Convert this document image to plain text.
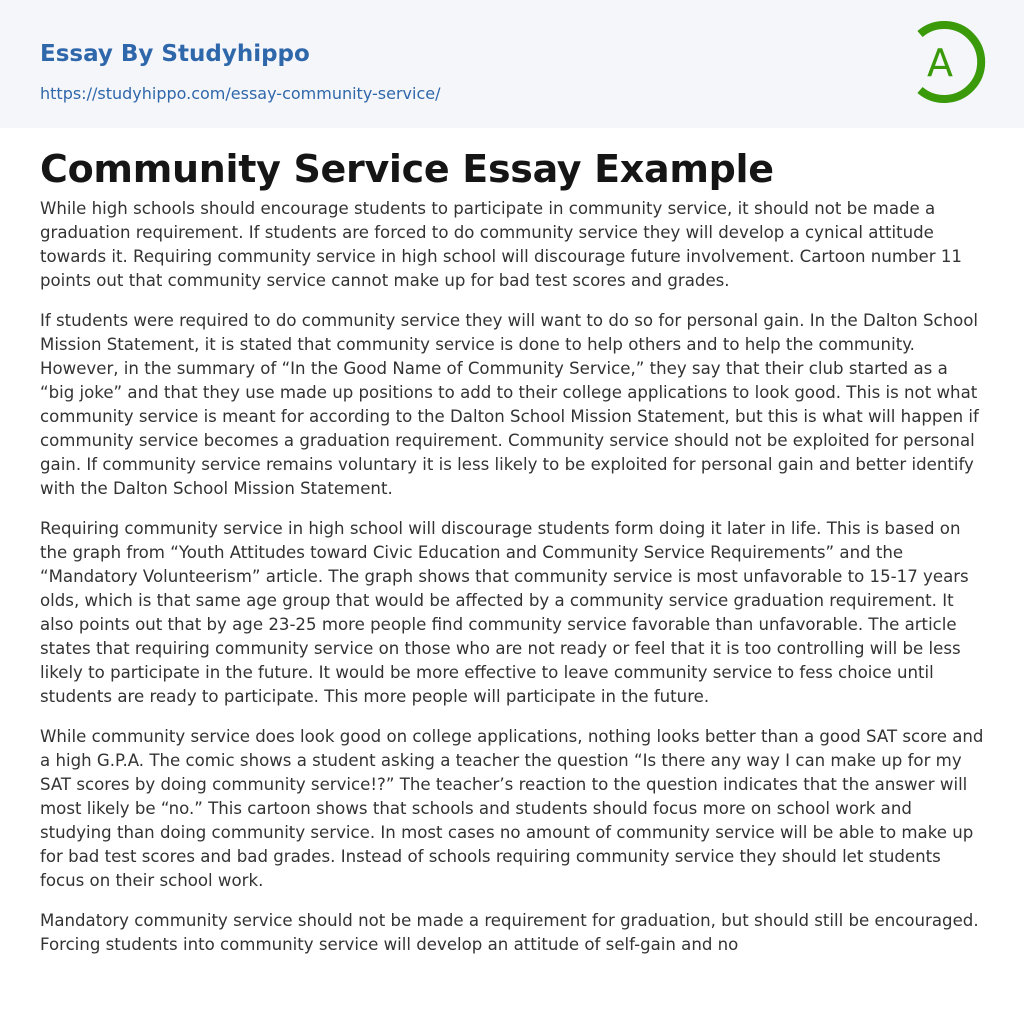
Essay By Studyhippo
https://studyhippo.com/essay-community-service/
A
Community Service Essay Example

While high schools should encourage students to participate in community service, it should not be made a graduation requirement. If students are forced to do community service they will develop a cynical attitude towards it. Requiring community service in high school will discourage future involvement. Cartoon number 11 points out that community service cannot make up for bad test scores and grades.

If students were required to do community service they will want to do so for personal gain. In the Dalton School Mission Statement, it is stated that community service is done to help others and to help the community. However, in the summary of “In the Good Name of Community Service,” they say that their club started as a “big joke” and that they use made up positions to add to their college applications to look good. This is not what community service is meant for according to the Dalton School Mission Statement, but this is what will happen if community service becomes a graduation requirement. Community service should not be exploited for personal gain. If community service remains voluntary it is less likely to be exploited for personal gain and better identify with the Dalton School Mission Statement.

Requiring community service in high school will discourage students form doing it later in life. This is based on the graph from “Youth Attitudes toward Civic Education and Community Service Requirements” and the “Mandatory Volunteerism” article. The graph shows that community service is most unfavorable to 15-17 years olds, which is that same age group that would be affected by a community service graduation requirement. It also points out that by age 23-25 more people find community service favorable than unfavorable. The article states that requiring community service on those who are not ready or feel that it is too controlling will be less likely to participate in the future. It would be more effective to leave community service to fess choice until students are ready to participate. This more people will participate in the future.

While community service does look good on college applications, nothing looks better than a good SAT score and a high G.P.A. The comic shows a student asking a teacher the question “Is there any way I can make up for my SAT scores by doing community service!?” The teacher’s reaction to the question indicates that the answer will most likely be “no.” This cartoon shows that schools and students should focus more on school work and studying than doing community service. In most cases no amount of community service will be able to make up for bad test scores and bad grades. Instead of schools requiring community service they should let students focus on their school work.

Mandatory community service should not be made a requirement for graduation, but should still be encouraged. Forcing students into community service will develop an attitude of self-gain and no
